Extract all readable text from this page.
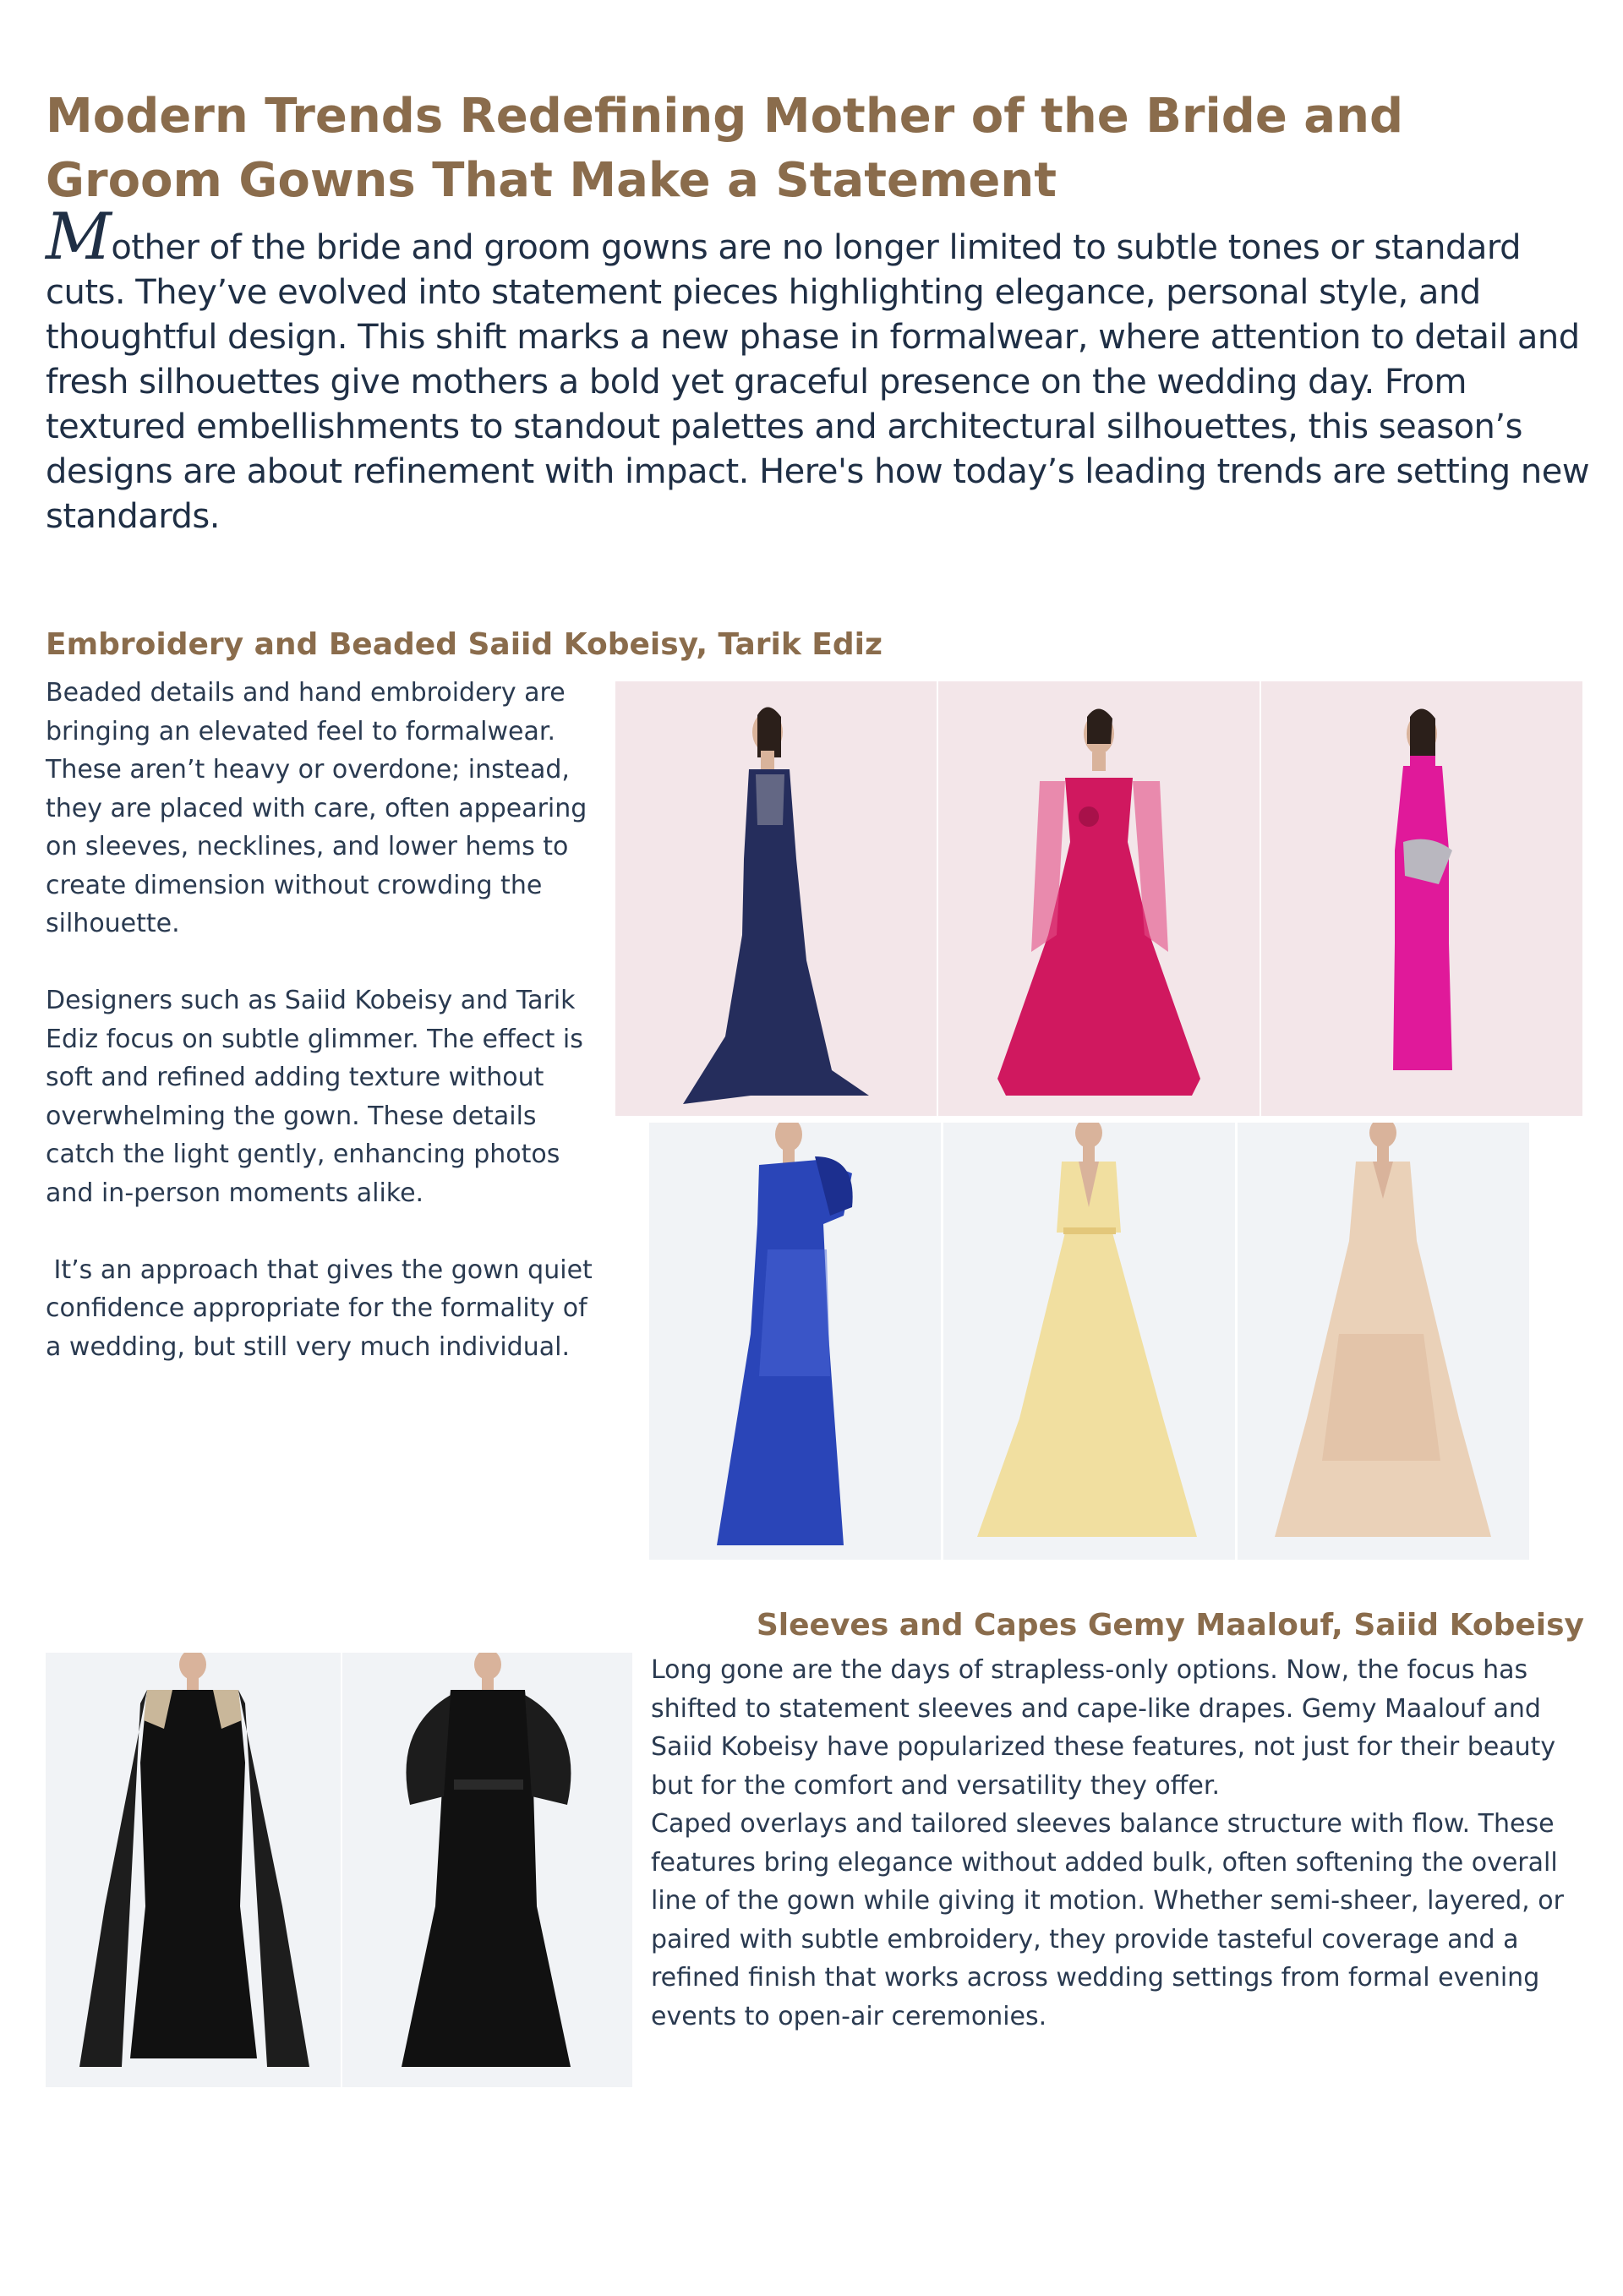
Modern Trends Redefining Mother of the Bride and Groom Gowns That Make a Statement
Mother of the bride and groom gowns are no longer limited to subtle tones or standard cuts. They’ve evolved into statement pieces highlighting elegance, personal style, and thoughtful design. This shift marks a new phase in formalwear, where attention to detail and fresh silhouettes give mothers a bold yet graceful presence on the wedding day. From textured embellishments to standout palettes and architectural silhouettes, this season’s designs are about refinement with impact. Here's how today’s leading trends are setting new standards.
Embroidery and Beaded Saiid Kobeisy, Tarik Ediz

Beaded details and hand embroidery are bringing an elevated feel to formalwear. These aren’t heavy or overdone; instead, they are placed with care, often appearing on sleeves, necklines, and lower hems to create dimension without crowding the silhouette.

Designers such as Saiid Kobeisy and Tarik Ediz focus on subtle glimmer. The effect is soft and refined adding texture without overwhelming the gown. These details catch the light gently, enhancing photos and in-person moments alike.

It’s an approach that gives the gown quiet confidence appropriate for the formality of a wedding, but still very much individual.

Sleeves and Capes Gemy Maalouf, Saiid Kobeisy

Long gone are the days of strapless-only options. Now, the focus has shifted to statement sleeves and cape-like drapes. Gemy Maalouf and Saiid Kobeisy have popularized these features, not just for their beauty but for the comfort and versatility they offer.

Caped overlays and tailored sleeves balance structure with flow. These features bring elegance without added bulk, often softening the overall line of the gown while giving it motion. Whether semi-sheer, layered, or paired with subtle embroidery, they provide tasteful coverage and a refined finish that works across wedding settings from formal evening events to open-air ceremonies.
